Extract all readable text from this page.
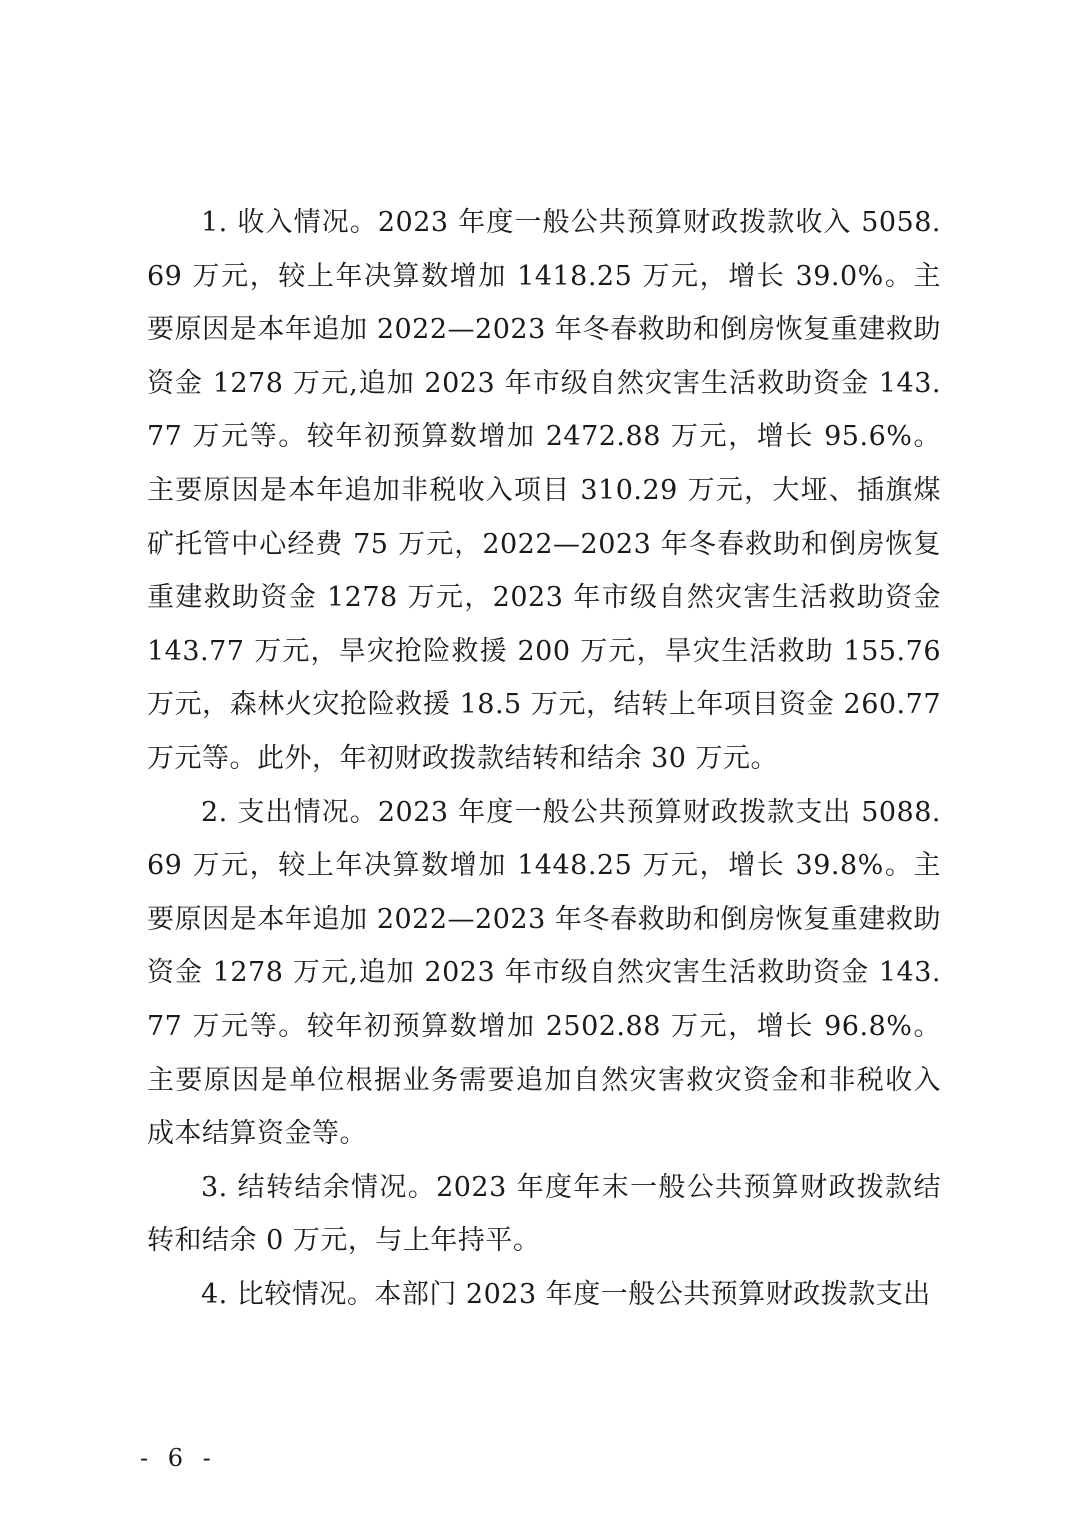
1. 收入情况。2023 年度一般公共预算财政拨款收入 5058.69 万元，较上年决算数增加 1418.25 万元，增长 39.0%。主要原因是本年追加 2022—2023 年冬春救助和倒房恢复重建救助资金 1278 万元,追加 2023 年市级自然灾害生活救助资金 143.77 万元等。较年初预算数增加 2472.88 万元，增长 95.6%。主要原因是本年追加非税收入项目 310.29 万元，大垭、插旗煤矿托管中心经费 75 万元，2022—2023 年冬春救助和倒房恢复重建救助资金 1278 万元，2023 年市级自然灾害生活救助资金 143.77 万元，旱灾抢险救援 200 万元，旱灾生活救助 155.76 万元，森林火灾抢险救援 18.5 万元，结转上年项目资金 260.77 万元等。此外，年初财政拨款结转和结余 30 万元。

2. 支出情况。2023 年度一般公共预算财政拨款支出 5088.69 万元，较上年决算数增加 1448.25 万元，增长 39.8%。主要原因是本年追加 2022—2023 年冬春救助和倒房恢复重建救助资金 1278 万元,追加 2023 年市级自然灾害生活救助资金 143.77 万元等。较年初预算数增加 2502.88 万元，增长 96.8%。主要原因是单位根据业务需要追加自然灾害救灾资金和非税收入成本结算资金等。

3. 结转结余情况。2023 年度年末一般公共预算财政拨款结转和结余 0 万元，与上年持平。

4. 比较情况。本部门 2023 年度一般公共预算财政拨款支出

- 6 -
